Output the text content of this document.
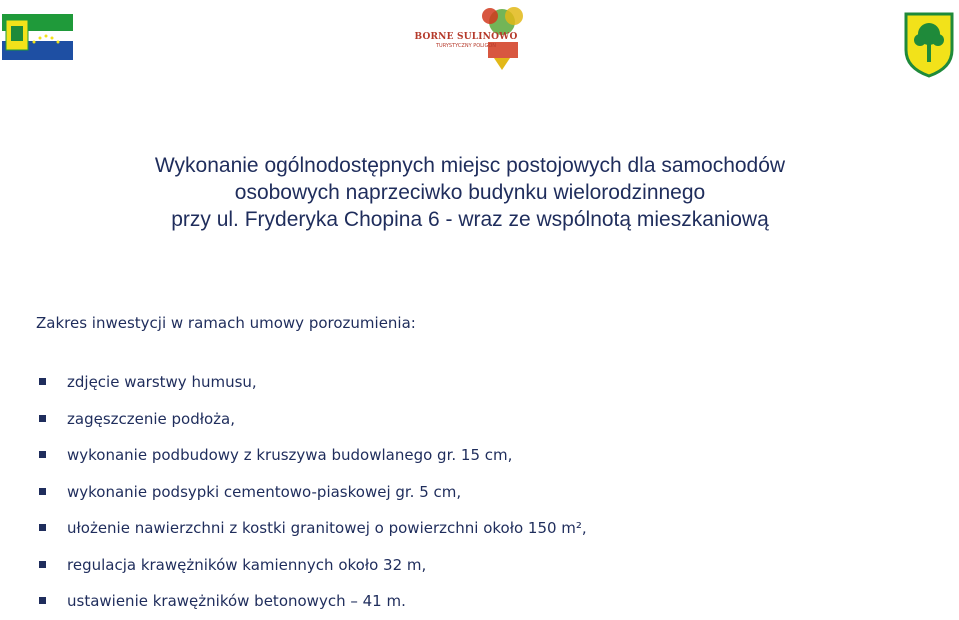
BORNE SULINOWO
TURYSTYCZNY POLIGON
Wykonanie ogólnodostępnych miejsc postojowych dla samochodów
osobowych naprzeciwko budynku wielorodzinnego
przy ul. Fryderyka Chopina 6 - wraz ze wspólnotą mieszkaniową
Zakres inwestycji w ramach umowy porozumienia:
zdjęcie warstwy humusu,
zagęszczenie podłoża,
wykonanie podbudowy z kruszywa budowlanego gr. 15 cm,
wykonanie podsypki cementowo-piaskowej gr. 5 cm,
ułożenie nawierzchni z kostki granitowej o powierzchni około 150 m²,
regulacja krawężników kamiennych około 32 m,
ustawienie krawężników betonowych – 41 m.
